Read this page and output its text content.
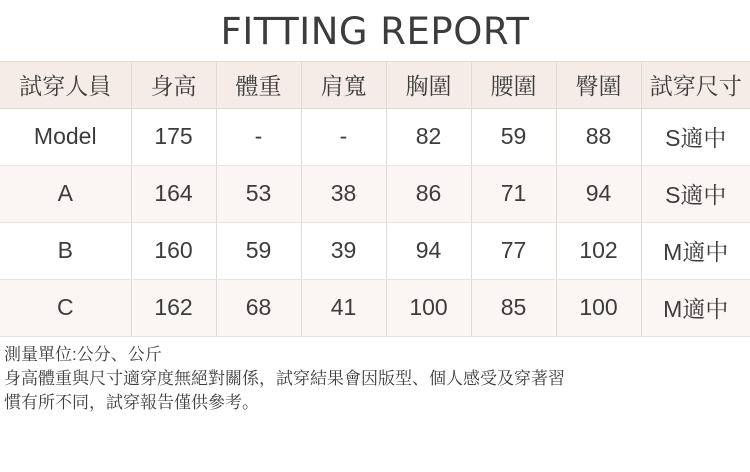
FITTING REPORT
試穿人員	身高	體重	肩寬	胸圍	腰圍	臀圍	試穿尺寸
Model	175	-	-	82	59	88	S適中
A	164	53	38	86	71	94	S適中
B	160	59	39	94	77	102	M適中
C	162	68	41	100	85	100	M適中
測量單位:公分、公斤
身高體重與尺寸適穿度無絕對關係，試穿結果會因版型、個人感受及穿著習
慣有所不同，試穿報告僅供參考。
